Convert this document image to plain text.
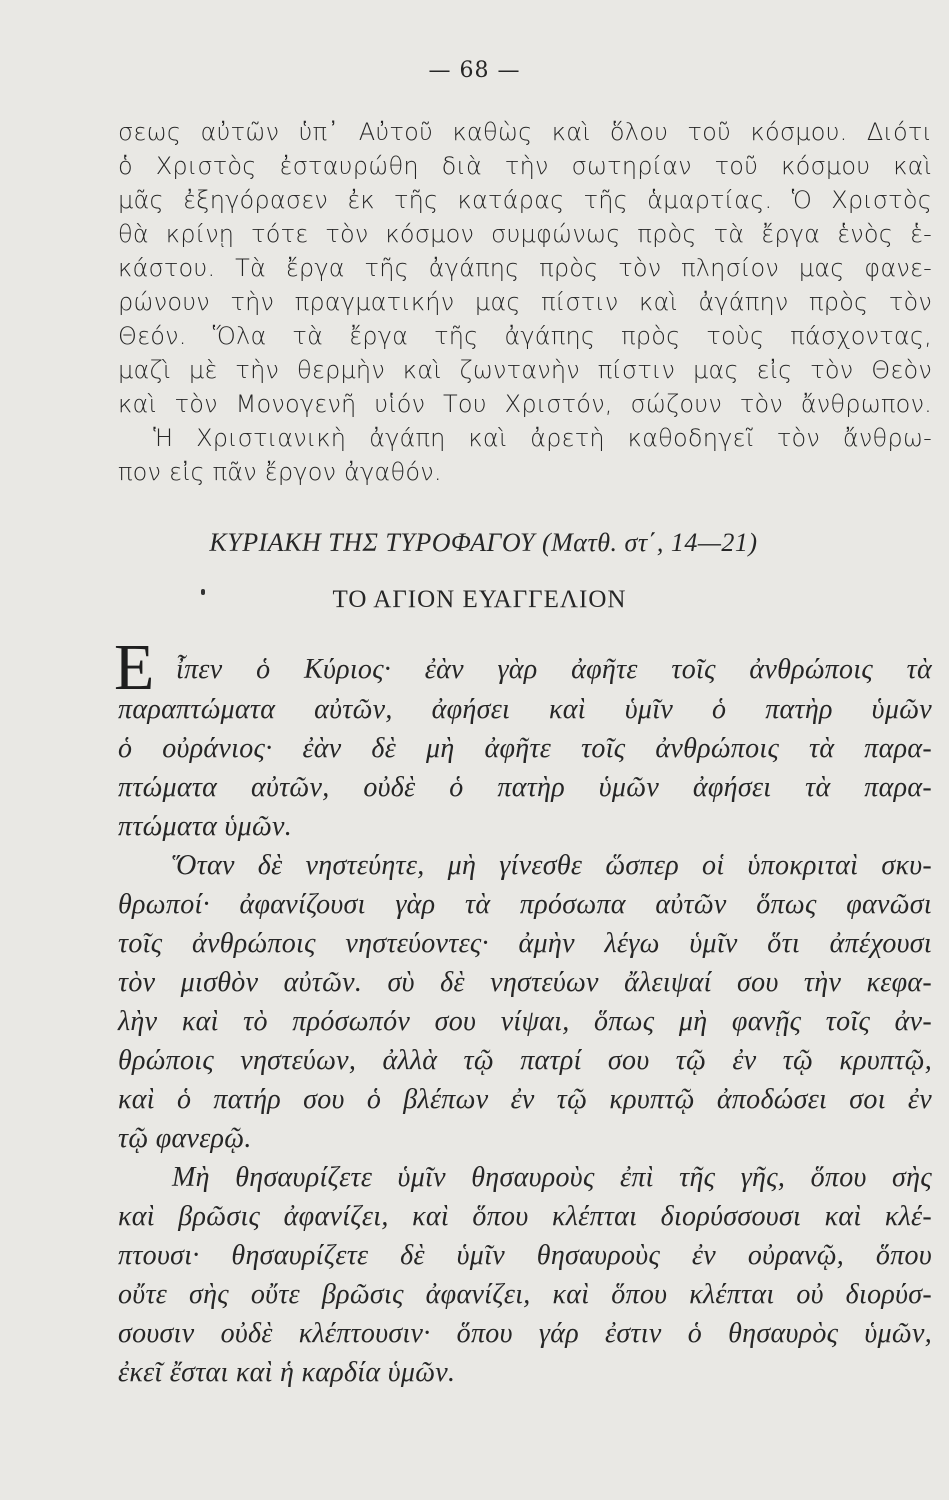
— 68 —
σεως αὐτῶν ὑπ᾽ Αὐτοῦ καθὼς καὶ ὅλου τοῦ κόσμου. Διότι
ὁ Χριστὸς ἐσταυρώθη διὰ τὴν σωτηρίαν τοῦ κόσμου καὶ
μᾶς ἐξηγόρασεν ἐκ τῆς κατάρας τῆς ἁμαρτίας. Ὁ Χριστὸς
θὰ κρίνῃ τότε τὸν κόσμον συμφώνως πρὸς τὰ ἔργα ἑνὸς ἑ-
κάστου. Τὰ ἔργα τῆς ἀγάπης πρὸς τὸν πλησίον μας φανε-
ρώνουν τὴν πραγματικήν μας πίστιν καὶ ἀγάπην πρὸς τὸν
Θεόν. Ὅλα τὰ ἔργα τῆς ἀγάπης πρὸς τοὺς πάσχοντας,
μαζὶ μὲ τὴν θερμὴν καὶ ζωντανὴν πίστιν μας εἰς τὸν Θεὸν
καὶ τὸν Μονογενῆ υἱόν Του Χριστόν, σώζουν τὸν ἄνθρωπον.
Ἡ Χριστιανικὴ ἀγάπη καὶ ἀρετὴ καθοδηγεῖ τὸν ἄνθρω-
πον εἰς πᾶν ἔργον ἀγαθόν.
ΚΥΡΙΑΚΗ ΤΗΣ ΤΥΡΟΦΑΓΟΥ (Ματθ. στ΄, 14—21)
ΤΟ ΑΓΙΟΝ ΕΥΑΓΓΕΛΙΟΝ
Ε ἶπεν ὁ Κύριος· ἐὰν γὰρ ἀφῆτε τοῖς ἀνθρώποις τὰ
παραπτώματα αὐτῶν, ἀφήσει καὶ ὑμῖν ὁ πατὴρ ὑμῶν
ὁ οὐράνιος· ἐὰν δὲ μὴ ἀφῆτε τοῖς ἀνθρώποις τὰ παρα-
πτώματα αὐτῶν, οὐδὲ ὁ πατὴρ ὑμῶν ἀφήσει τὰ παρα-
πτώματα ὑμῶν.
Ὅταν δὲ νηστεύητε, μὴ γίνεσθε ὥσπερ οἱ ὑποκριταὶ σκυ-
θρωποί· ἀφανίζουσι γὰρ τὰ πρόσωπα αὐτῶν ὅπως φανῶσι
τοῖς ἀνθρώποις νηστεύοντες· ἀμὴν λέγω ὑμῖν ὅτι ἀπέχουσι
τὸν μισθὸν αὐτῶν. σὺ δὲ νηστεύων ἄλειψαί σου τὴν κεφα-
λὴν καὶ τὸ πρόσωπόν σου νίψαι, ὅπως μὴ φανῇς τοῖς ἀν-
θρώποις νηστεύων, ἀλλὰ τῷ πατρί σου τῷ ἐν τῷ κρυπτῷ,
καὶ ὁ πατήρ σου ὁ βλέπων ἐν τῷ κρυπτῷ ἀποδώσει σοι ἐν
τῷ φανερῷ.
Μὴ θησαυρίζετε ὑμῖν θησαυροὺς ἐπὶ τῆς γῆς, ὅπου σὴς
καὶ βρῶσις ἀφανίζει, καὶ ὅπου κλέπται διορύσσουσι καὶ κλέ-
πτουσι· θησαυρίζετε δὲ ὑμῖν θησαυροὺς ἐν οὐρανῷ, ὅπου
οὔτε σὴς οὔτε βρῶσις ἀφανίζει, καὶ ὅπου κλέπται οὐ διορύσ-
σουσιν οὐδὲ κλέπτουσιν· ὅπου γάρ ἐστιν ὁ θησαυρὸς ὑμῶν,
ἐκεῖ ἔσται καὶ ἡ καρδία ὑμῶν.
